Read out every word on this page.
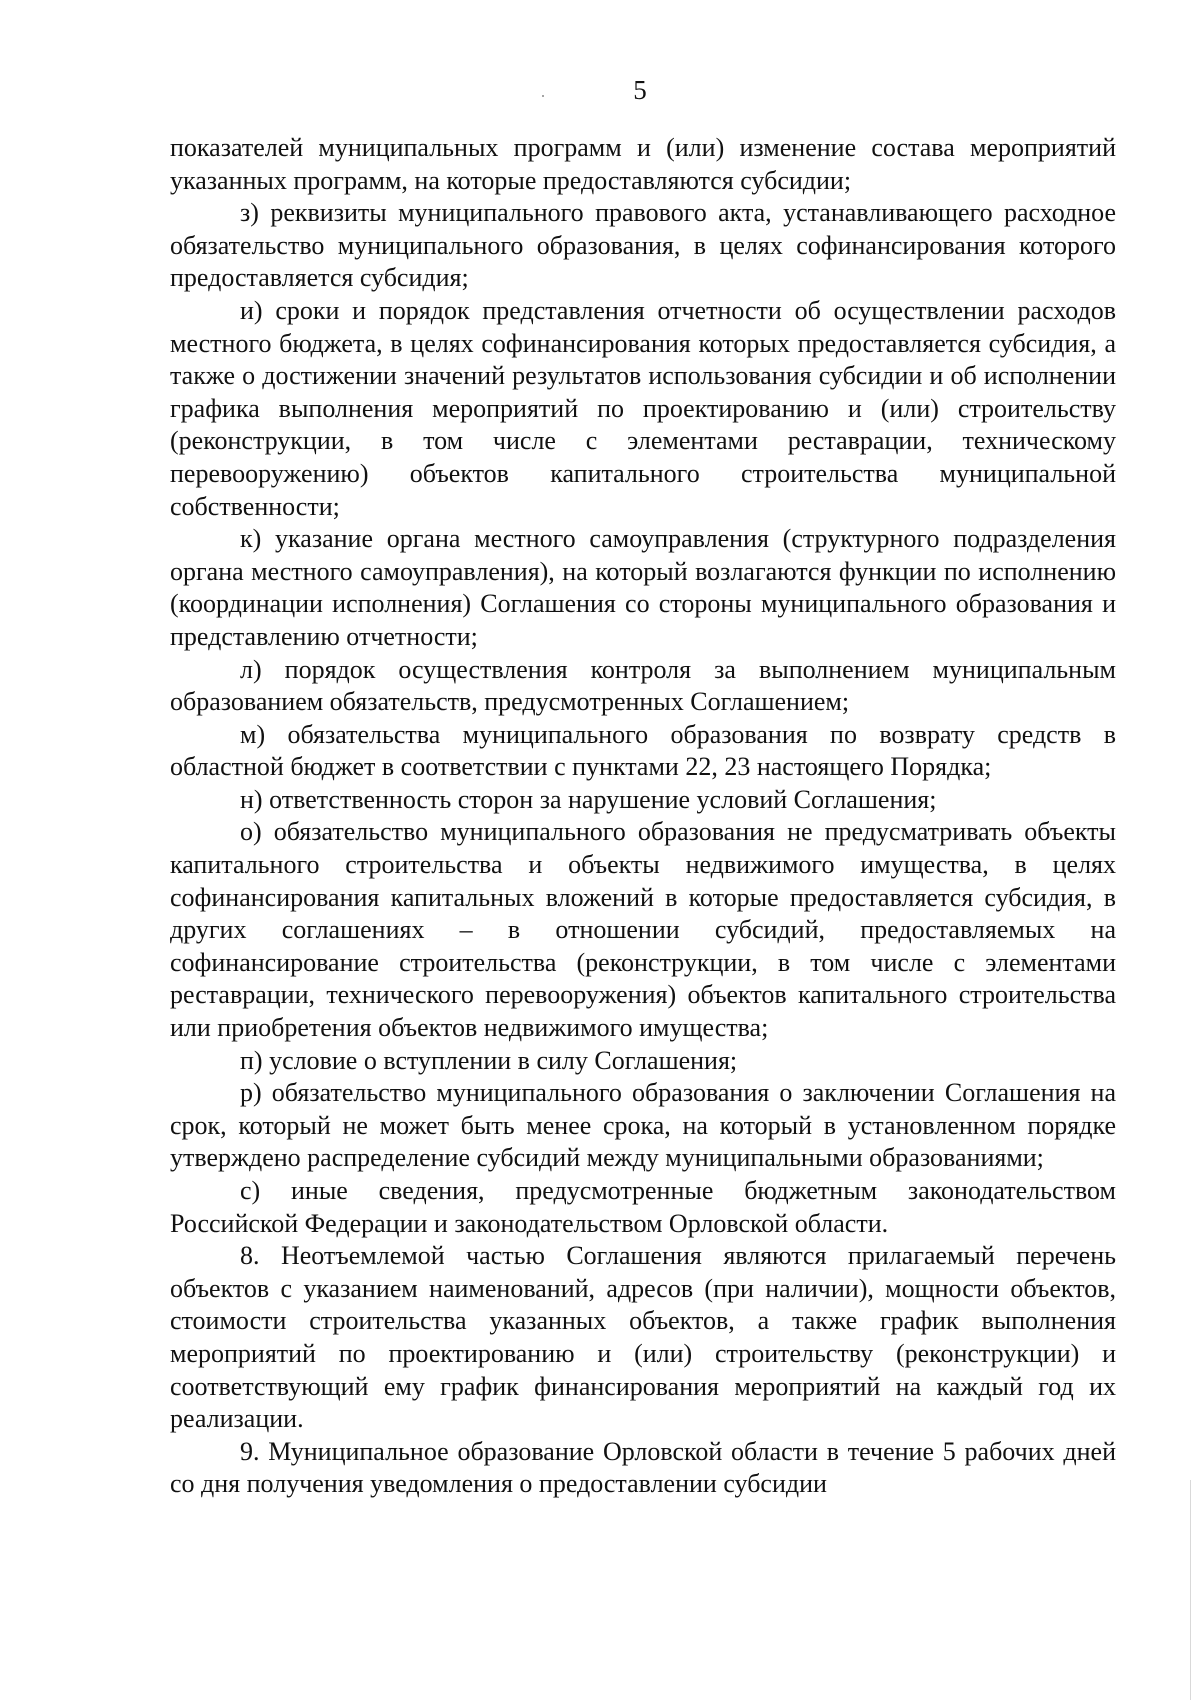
5

показателей муниципальных программ и (или) изменение состава мероприятий указанных программ, на которые предоставляются субсидии;

з) реквизиты муниципального правового акта, устанавливающего расходное обязательство муниципального образования, в целях софинансирования которого предоставляется субсидия;

и) сроки и порядок представления отчетности об осуществлении расходов местного бюджета, в целях софинансирования которых предоставляется субсидия, а также о достижении значений результатов использования субсидии и об исполнении графика выполнения мероприятий по проектированию и (или) строительству (реконструкции, в том числе с элементами реставрации, техническому перевооружению) объектов капитального строительства муниципальной собственности;

к) указание органа местного самоуправления (структурного подразделения органа местного самоуправления), на который возлагаются функции по исполнению (координации исполнения) Соглашения со стороны муниципального образования и представлению отчетности;

л) порядок осуществления контроля за выполнением муниципальным образованием обязательств, предусмотренных Соглашением;

м) обязательства муниципального образования по возврату средств в областной бюджет в соответствии с пунктами 22, 23 настоящего Порядка;

н) ответственность сторон за нарушение условий Соглашения;

о) обязательство муниципального образования не предусматривать объекты капитального строительства и объекты недвижимого имущества, в целях софинансирования капитальных вложений в которые предоставляется субсидия, в других соглашениях – в отношении субсидий, предоставляемых на софинансирование строительства (реконструкции, в том числе с элементами реставрации, технического перевооружения) объектов капитального строительства или приобретения объектов недвижимого имущества;

п) условие о вступлении в силу Соглашения;

р) обязательство муниципального образования о заключении Соглашения на срок, который не может быть менее срока, на который в установленном порядке утверждено распределение субсидий между муниципальными образованиями;

с) иные сведения, предусмотренные бюджетным законодательством Российской Федерации и законодательством Орловской области.

8. Неотъемлемой частью Соглашения являются прилагаемый перечень объектов с указанием наименований, адресов (при наличии), мощности объектов, стоимости строительства указанных объектов, а также график выполнения мероприятий по проектированию и (или) строительству (реконструкции) и соответствующий ему график финансирования мероприятий на каждый год их реализации.

9. Муниципальное образование Орловской области в течение 5 рабочих дней со дня получения уведомления о предоставлении субсидии
